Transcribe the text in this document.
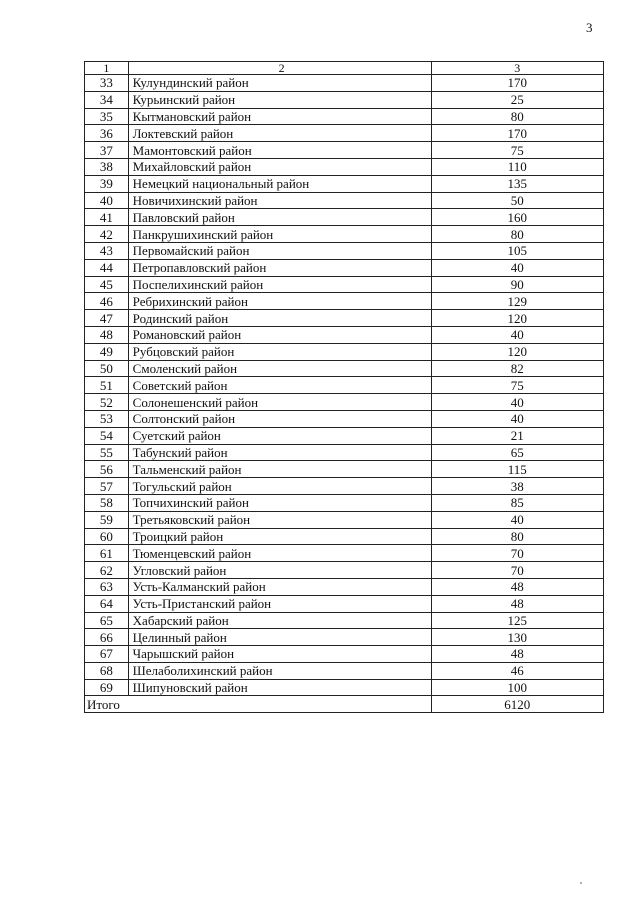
3
1	2	3
33	Кулундинский район	170
34	Курьинский район	25
35	Кытмановский район	80
36	Локтевский район	170
37	Мамонтовский район	75
38	Михайловский район	110
39	Немецкий национальный район	135
40	Новичихинский район	50
41	Павловский район	160
42	Панкрушихинский район	80
43	Первомайский район	105
44	Петропавловский район	40
45	Поспелихинский район	90
46	Ребрихинский район	129
47	Родинский район	120
48	Романовский район	40
49	Рубцовский район	120
50	Смоленский район	82
51	Советский район	75
52	Солонешенский район	40
53	Солтонский район	40
54	Суетский район	21
55	Табунский район	65
56	Тальменский район	115
57	Тогульский район	38
58	Топчихинский район	85
59	Третьяковский район	40
60	Троицкий район	80
61	Тюменцевский район	70
62	Угловский район	70
63	Усть-Калманский район	48
64	Усть-Пристанский район	48
65	Хабарский район	125
66	Целинный район	130
67	Чарышский район	48
68	Шелаболихинский район	46
69	Шипуновский район	100
Итого		6120
